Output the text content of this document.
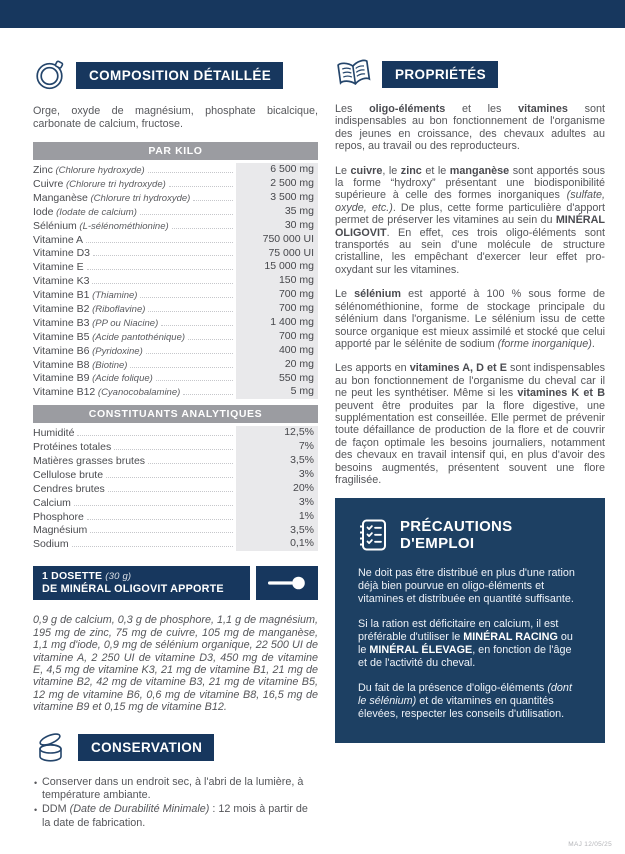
COMPOSITION DÉTAILLÉE

Orge, oxyde de magnésium, phosphate bicalcique, carbonate de calcium, fructose.

PAR KILO
Zinc (Chlorure hydroxyde)	6 500 mg
Cuivre (Chlorure tri hydroxyde)	2 500 mg
Manganèse (Chlorure tri hydroxyde)	3 500 mg
Iode (Iodate de calcium)	35 mg
Sélénium (L-sélénométhionine)	30 mg
Vitamine A	750 000 UI
Vitamine D3	75 000 UI
Vitamine E	15 000 mg
Vitamine K3	150 mg
Vitamine B1 (Thiamine)	700 mg
Vitamine B2 (Riboflavine)	700 mg
Vitamine B3 (PP ou Niacine)	1 400 mg
Vitamine B5 (Acide pantothénique)	700 mg
Vitamine B6 (Pyridoxine)	400 mg
Vitamine B8 (Biotine)	20 mg
Vitamine B9 (Acide folique)	550 mg
Vitamine B12 (Cyanocobalamine)	5 mg
CONSTITUANTS ANALYTIQUES
Humidité	12,5%
Protéines totales	7%
Matières grasses brutes	3,5%
Cellulose brute	3%
Cendres brutes	20%
Calcium	3%
Phosphore	1%
Magnésium	3,5%
Sodium	0,1%
1 DOSETTE (30 g)
DE MINÉRAL OLIGOVIT APPORTE

0,9 g de calcium, 0,3 g de phosphore, 1,1 g de magnésium, 195 mg de zinc, 75 mg de cuivre, 105 mg de manganèse, 1,1 mg d'iode, 0,9 mg de sélénium organique, 22 500 UI de vitamine A, 2 250 UI de vitamine D3, 450 mg de vitamine E, 4,5 mg de vitamine K3, 21 mg de vitamine B1, 21 mg de vitamine B2, 42 mg de vitamine B3, 21 mg de vitamine B5, 12 mg de vitamine B6, 0,6 mg de vitamine B8, 16,5 mg de vitamine B9 et 0,15 mg de vitamine B12.

CONSERVATION

• Conserver dans un endroit sec, à l'abri de la lumière, à température ambiante.

• DDM (Date de Durabilité Minimale) : 12 mois à partir de la date de fabrication.

PROPRIÉTÉS

Les oligo-éléments et les vitamines sont indispensables au bon fonctionnement de l'organisme des jeunes en croissance, des chevaux adultes au repos, au travail ou des reproducteurs.

Le cuivre, le zinc et le manganèse sont apportés sous la forme “hydroxy” présentant une biodisponibilité supérieure à celle des formes inorganiques (sulfate, oxyde, etc.). De plus, cette forme particulière d'apport permet de préserver les vitamines au sein du MINÉRAL OLIGOVIT. En effet, ces trois oligo-éléments sont transportés au sein d'une molécule de structure cristalline, les empêchant d'exercer leur effet pro-oxydant sur les vitamines.

Le sélénium est apporté à 100 % sous forme de sélénométhionine, forme de stockage principale du sélénium dans l'organisme. Le sélénium issu de cette source organique est mieux assimilé et stocké que celui apporté par le sélénite de sodium (forme inorganique).

Les apports en vitamines A, D et E sont indispensables au bon fonctionnement de l'organisme du cheval car il ne peut les synthétiser. Même si les vitamines K et B peuvent être produites par la flore digestive, une supplémentation est conseillée. Elle permet de prévenir toute défaillance de production de la flore et de couvrir de façon optimale les besoins journaliers, notamment des chevaux en travail intensif qui, en plus d'avoir des besoins augmentés, présentent souvent une flore fragilisée.

PRÉCAUTIONS
D'EMPLOI

Ne doit pas être distribué en plus d'une ration déjà bien pourvue en oligo-éléments et vitamines et distribuée en quantité suffisante.

Si la ration est déficitaire en calcium, il est préférable d'utiliser le MINÉRAL RACING ou le MINÉRAL ÉLEVAGE, en fonction de l'âge et de l'activité du cheval.

Du fait de la présence d'oligo-éléments (dont le sélénium) et de vitamines en quantités élevées, respecter les conseils d'utilisation.

MAJ 12/05/25
